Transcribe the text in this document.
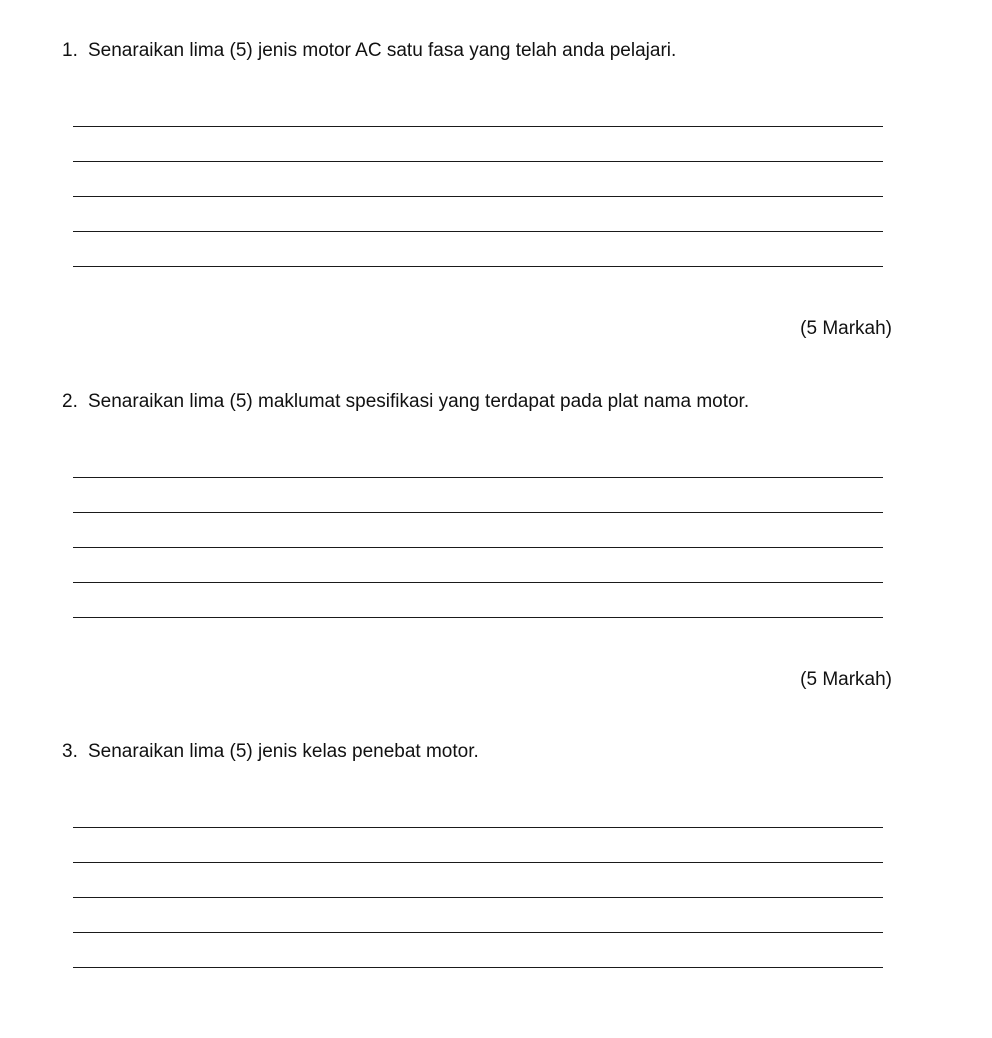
1. Senaraikan lima (5) jenis motor AC satu fasa yang telah anda pelajari.
(5 Markah)
2. Senaraikan lima (5) maklumat spesifikasi yang terdapat pada plat nama motor.
(5 Markah)
3. Senaraikan lima (5) jenis kelas penebat motor.
